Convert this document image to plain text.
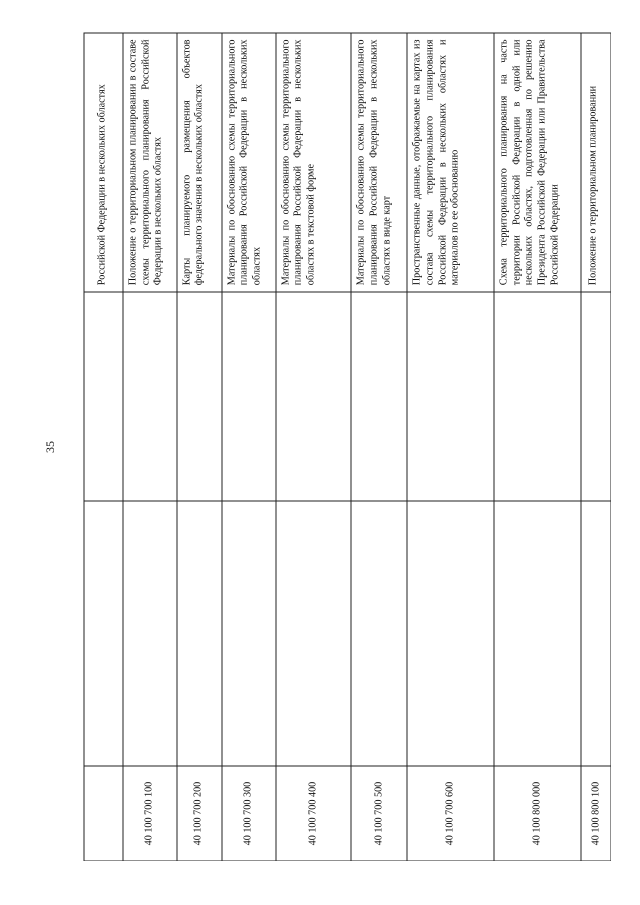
35
Российской Федерации в нескольких областях
40 100 700 100
Положение о территориальном планировании в составе схемы территориального планирования Российской Федерации в нескольких областях
40 100 700 200
Карты планируемого размещения объектов федерального значения в нескольких областях
40 100 700 300
Материалы по обоснованию схемы территориального планирования Российской Федерации в нескольких областях
40 100 700 400
Материалы по обоснованию схемы территориального планирования Российской Федерации в нескольких областях в текстовой форме
40 100 700 500
Материалы по обоснованию схемы территориального планирования Российской Федерации в нескольких областях в виде карт
40 100 700 600
Пространственные данные, отображаемые на картах из состава схемы территориального планирования Российской Федерации в нескольких областях и материалов по ее обоснованию
40 100 800 000
Схема территориального планирования на часть территории Российской Федерации в одной или нескольких областях, подготовленная по решению Президента Российской Федерации или Правительства Российской Федерации
40 100 800 100
Положение о территориальном планировании
